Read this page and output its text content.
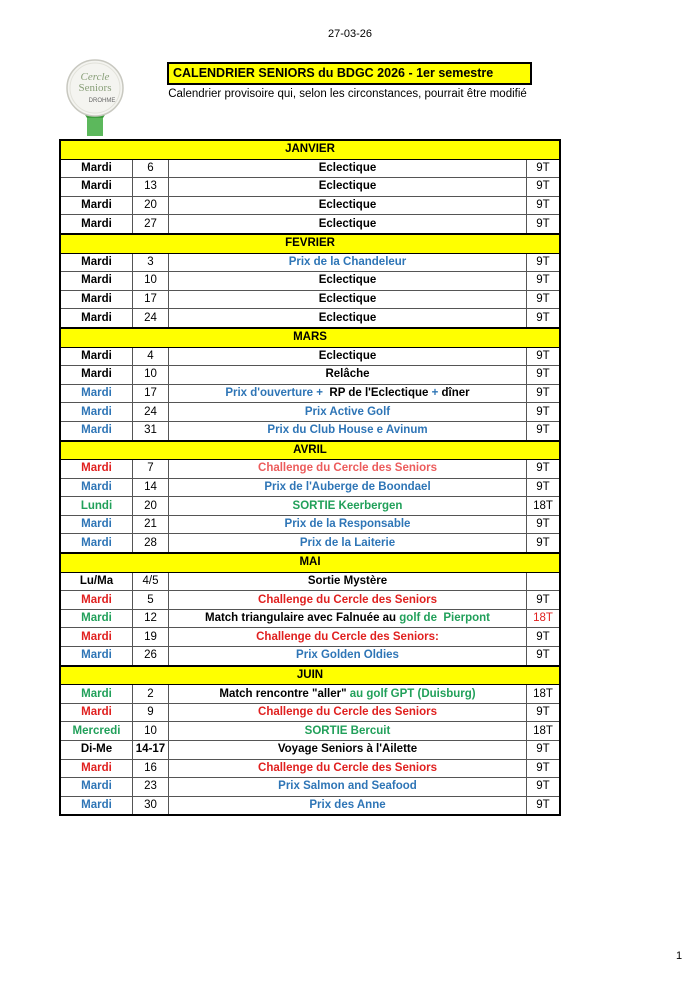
27-03-26
Cercle
Seniors
DROHME
CALENDRIER SENIORS du BDGC 2026 - 1er semestre
Calendrier provisoire qui, selon les circonstances, pourrait être modifié
JANVIER			
Mardi	6	Eclectique	9T
Mardi	13	Eclectique	9T
Mardi	20	Eclectique	9T
Mardi	27	Eclectique	9T
FEVRIER			
Mardi	3	Prix de la Chandeleur	9T
Mardi	10	Eclectique	9T
Mardi	17	Eclectique	9T
Mardi	24	Eclectique	9T
MARS			
Mardi	4	Eclectique	9T
Mardi	10	Relâche	9T
Mardi	17	Prix d'ouverture +  RP de l'Eclectique + dîner	9T
Mardi	24	Prix Active Golf	9T
Mardi	31	Prix du Club House e Avinum	9T
AVRIL			
Mardi	7	Challenge du Cercle des Seniors	9T
Mardi	14	Prix de l'Auberge de Boondael	9T
Lundi	20	SORTIE Keerbergen	18T
Mardi	21	Prix de la Responsable	9T
Mardi	28	Prix de la Laiterie	9T
MAI			
Lu/Ma	4/5	Sortie Mystère	
Mardi	5	Challenge du Cercle des Seniors	9T
Mardi	12	Match triangulaire avec Falnuée au golf de  Pierpont	18T
Mardi	19	Challenge du Cercle des Seniors:	9T
Mardi	26	Prix Golden Oldies	9T
JUIN			
Mardi	2	Match rencontre "aller" au golf GPT (Duisburg)	18T
Mardi	9	Challenge du Cercle des Seniors	9T
Mercredi	10	SORTIE Bercuit	18T
Di-Me	14-17	Voyage Seniors à l'Ailette	9T
Mardi	16	Challenge du Cercle des Seniors	9T
Mardi	23	Prix Salmon and Seafood	9T
Mardi	30	Prix des Anne	9T
1
